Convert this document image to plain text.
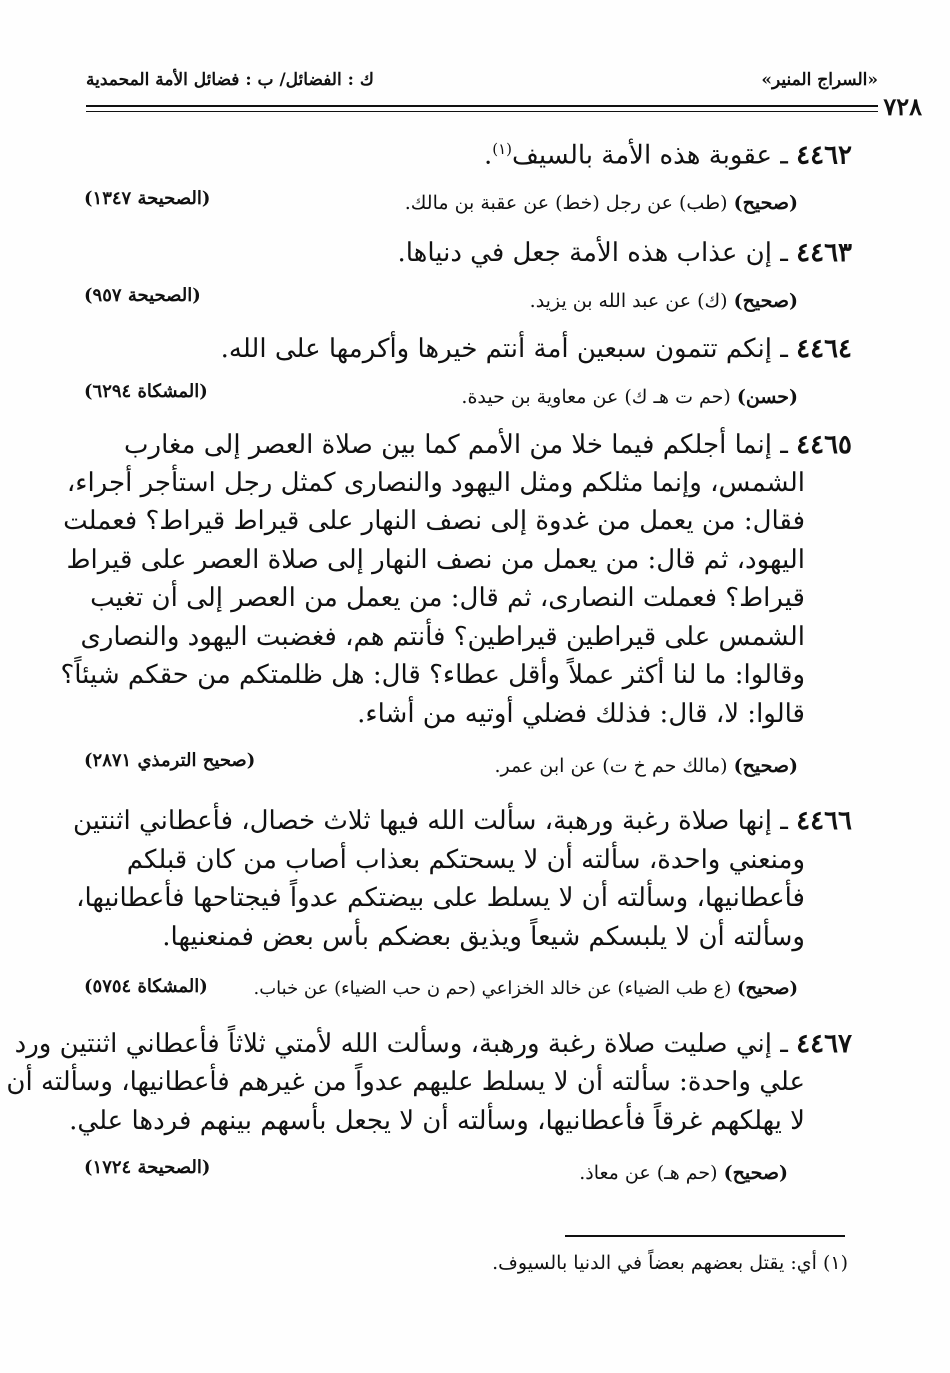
ك : الفضائل/ ب : فضائل الأمة المحمدية	«السراج المنير»
٧٢٨
٤٤٦٢ ـ عقوبة هذه الأمة بالسيف$^{(١)}$.
(صحيح) (طب) عن رجل (خط) عن عقبة بن مالك.
(الصحيحة ١٣٤٧)
٤٤٦٣ ـ إن عذاب هذه الأمة جعل في دنياها.
(صحيح) (ك) عن عبد الله بن يزيد.
(الصحيحة ٩٥٧)
٤٤٦٤ ـ إنكم تتمون سبعين أمة أنتم خيرها وأكرمها على الله.
(حسن) (حم ت هـ ك) عن معاوية بن حيدة.
(المشكاة ٦٢٩٤)
٤٤٦٥ ـ إنما أجلكم فيما خلا من الأمم كما بين صلاة العصر إلى مغارب
الشمس، وإنما مثلكم ومثل اليهود والنصارى كمثل رجل استأجر أجراء،
فقال: من يعمل من غدوة إلى نصف النهار على قيراط قيراط؟ فعملت
اليهود، ثم قال: من يعمل من نصف النهار إلى صلاة العصر على قيراط
قيراط؟ فعملت النصارى، ثم قال: من يعمل من العصر إلى أن تغيب
الشمس على قيراطين قيراطين؟ فأنتم هم، فغضبت اليهود والنصارى
وقالوا: ما لنا أكثر عملاً وأقل عطاء؟ قال: هل ظلمتكم من حقكم شيئاً؟
قالوا: لا، قال: فذلك فضلي أوتيه من أشاء.
(صحيح) (مالك حم خ ت) عن ابن عمر.
(صحيح الترمذي ٢٨٧١)
٤٤٦٦ ـ إنها صلاة رغبة ورهبة، سألت الله فيها ثلاث خصال، فأعطاني اثنتين
ومنعني واحدة، سألته أن لا يسحتكم بعذاب أصاب من كان قبلكم
فأعطانيها، وسألته أن لا يسلط على بيضتكم عدواً فيجتاحها فأعطانيها،
وسألته أن لا يلبسكم شيعاً ويذيق بعضكم بأس بعض فمنعنيها.
(صحيح) (ع طب الضياء) عن خالد الخزاعي (حم ن حب الضياء) عن خباب.
(المشكاة ٥٧٥٤)
٤٤٦٧ ـ إني صليت صلاة رغبة ورهبة، وسألت الله لأمتي ثلاثاً فأعطاني اثنتين ورد
علي واحدة: سألته أن لا يسلط عليهم عدواً من غيرهم فأعطانيها، وسألته أن
لا يهلكهم غرقاً فأعطانيها، وسألته أن لا يجعل بأسهم بينهم فردها علي.
(صحيح) (حم هـ) عن معاذ.
(الصحيحة ١٧٢٤)
(١) أي: يقتل بعضهم بعضاً في الدنيا بالسيوف.
